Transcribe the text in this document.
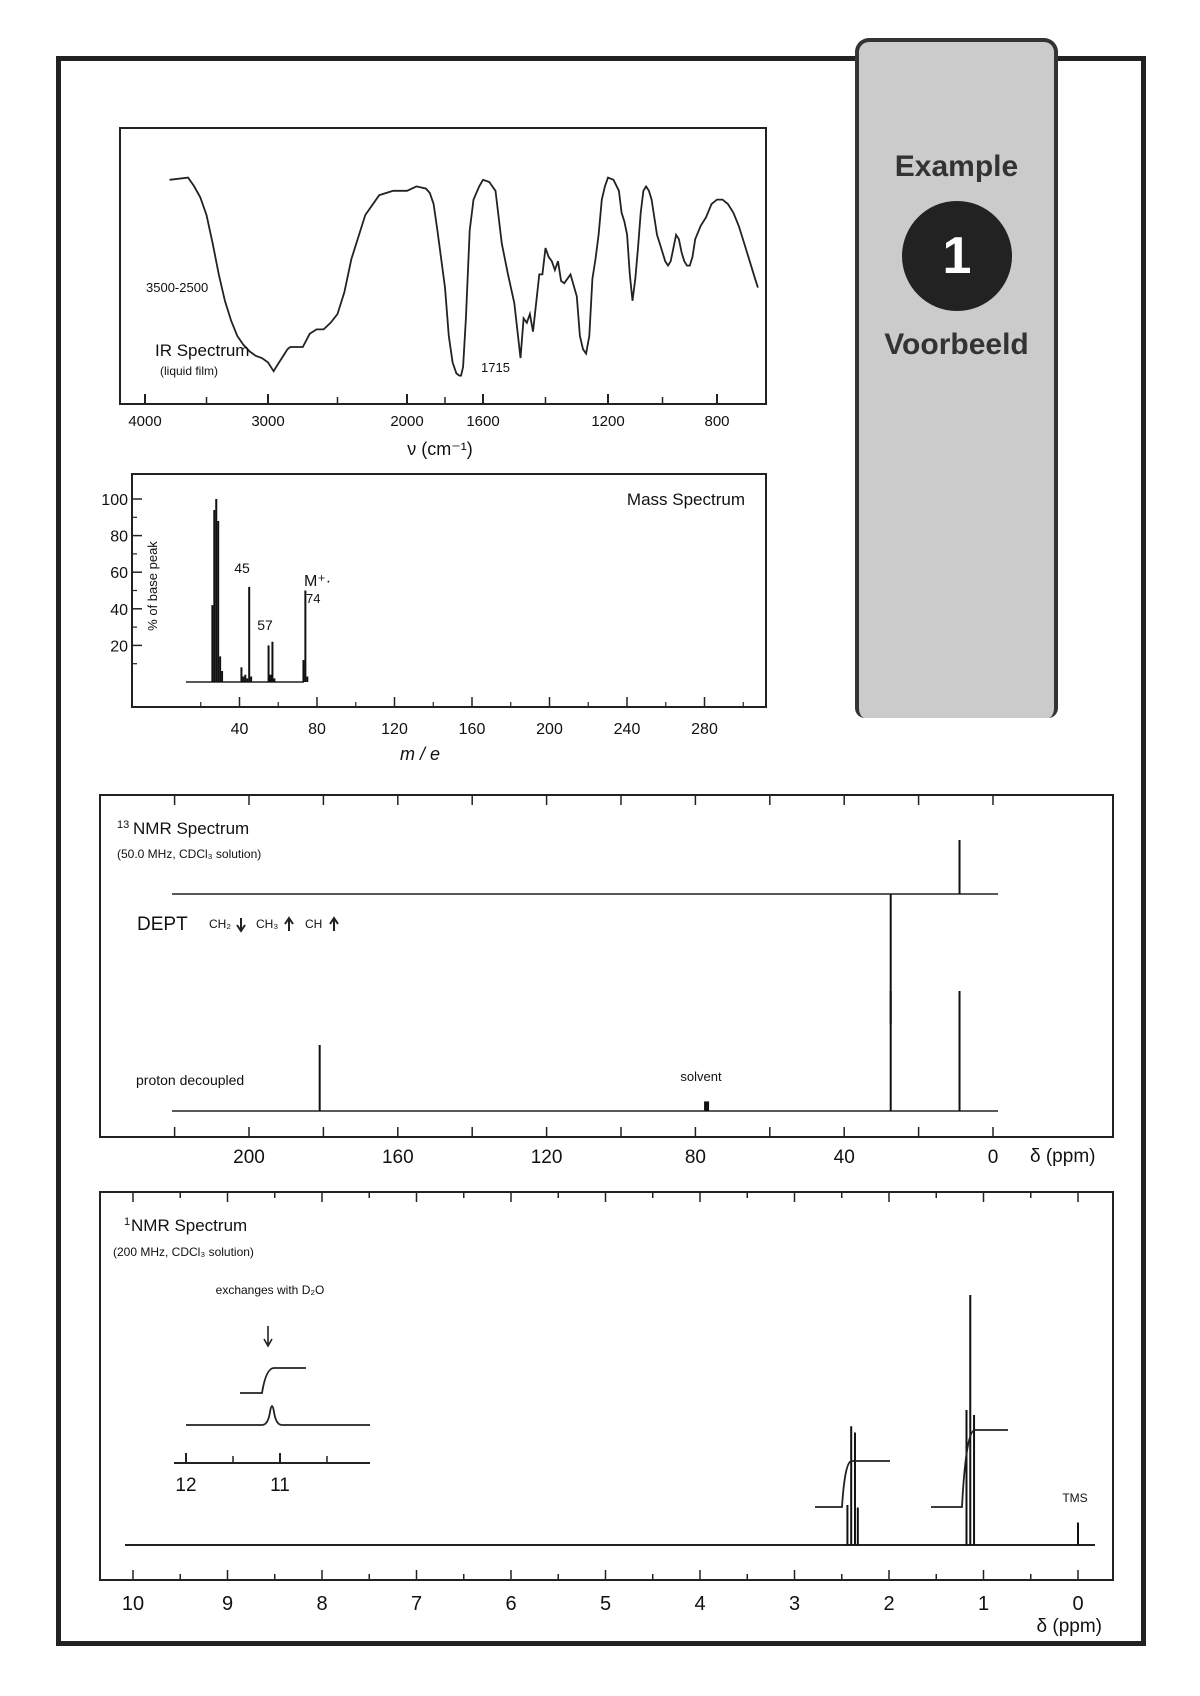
Example
1
Voorbeeld
4000	3000	2000	1600	1200	800
3500-2500
1715
IR Spectrum
(liquid film)
ν (cm⁻¹)
40	80	120	160	200	240	280
20
40
60
80
100	Mass Spectrum
% of base peak	45
57
M⁺·
74
m / e
200	160	120	80	40	0
13 NMR Spectrum
(50.0 MHz, CDCl₃ solution)
DEPT CH₂ CH₃ CH
proton decoupled	solvent
δ (ppm)
10	9	8	7	6	5	4	3	2	1	0
12	11
exchanges with D₂O
1 NMR Spectrum
(200 MHz, CDCl₃ solution)
TMS
δ (ppm)
